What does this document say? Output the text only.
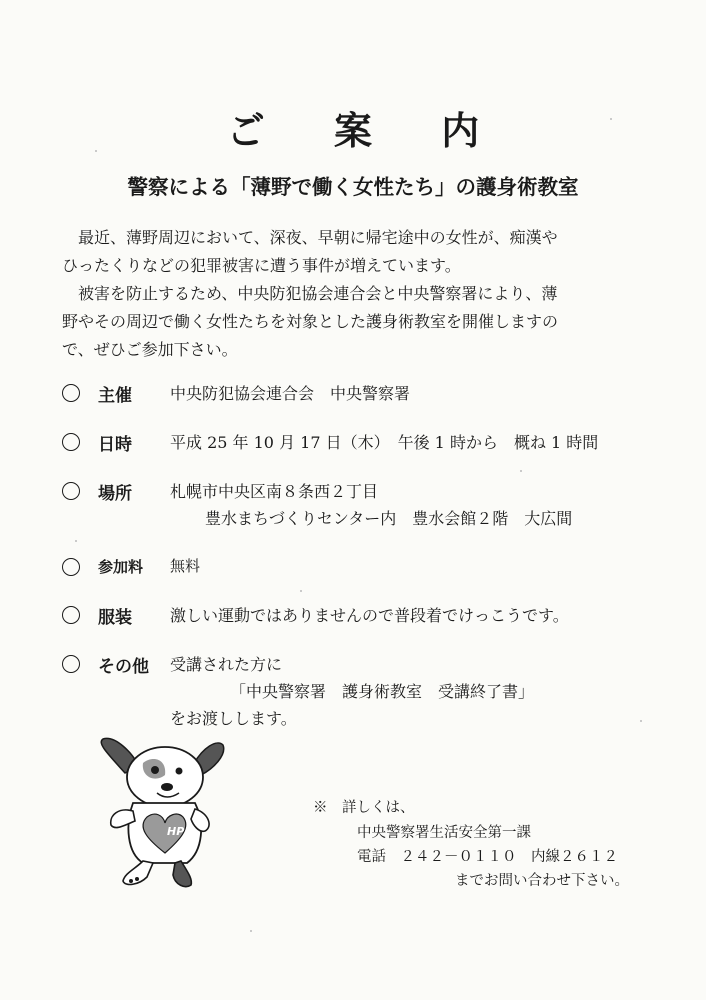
ご 案 内
警察による「薄野で働く女性たち」の護身術教室
最近、薄野周辺において、深夜、早朝に帰宅途中の女性が、痴漢や
ひったくりなどの犯罪被害に遭う事件が増えています。
被害を防止するため、中央防犯協会連合会と中央警察署により、薄
野やその周辺で働く女性たちを対象とした護身術教室を開催しますの
で、ぜひご参加下さい。
主催 中央防犯協会連合会　中央警察署
日時 平成 25 年 10 月 17 日（木）　午後 1 時から　概ね 1 時間
場所 札幌市中央区南８条西２丁目
豊水まちづくりセンター内　豊水会館２階　大広間
参加料 無料
服装 激しい運動ではありませんので普段着でけっこうです。
その他 受講された方に
「中央警察署　護身術教室　受講終了書」
をお渡しします。
HP
※　詳しくは、
中央警察署生活安全第一課
電話　２４２－０１１０　内線２６１２
までお問い合わせ下さい。
